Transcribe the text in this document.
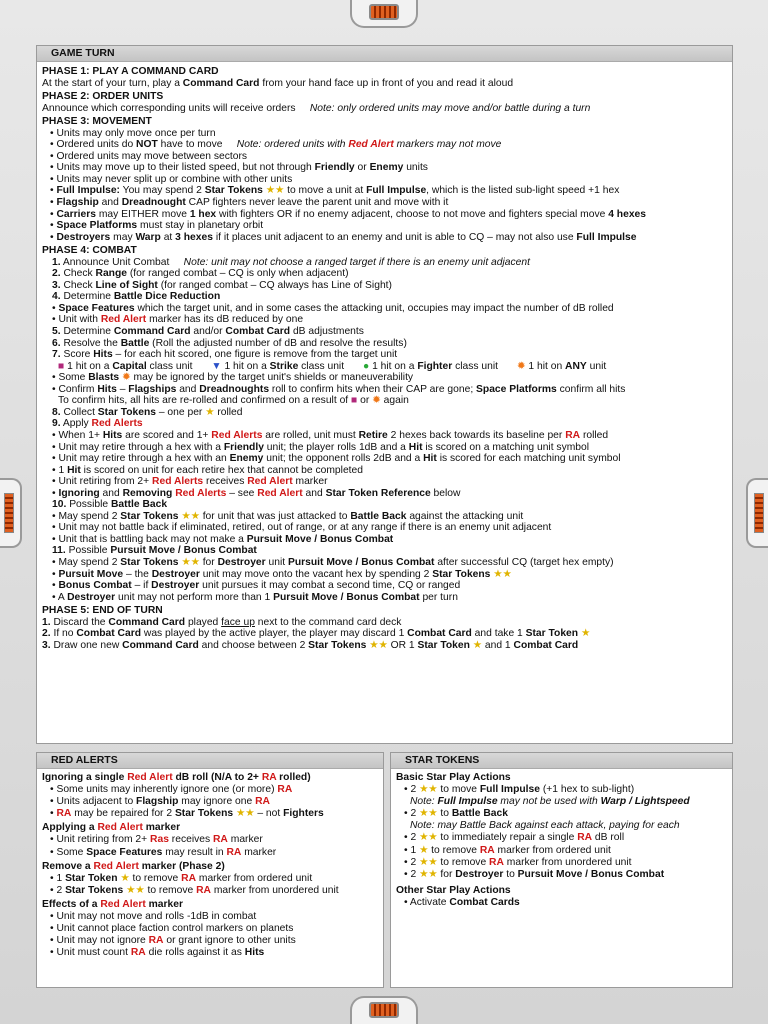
GAME TURN
PHASE 1: PLAY A COMMAND CARD
At the start of your turn, play a Command Card from your hand face up in front of you and read it aloud
PHASE 2: ORDER UNITS
Announce which corresponding units will receive orders Note: only ordered units may move and/or battle during a turn
PHASE 3: MOVEMENT
• Units may only move once per turn
• Ordered units do NOT have to move Note: ordered units with Red Alert markers may not move
• Ordered units may move between sectors
• Units may move up to their listed speed, but not through Friendly or Enemy units
• Units may never split up or combine with other units
• Full Impulse: You may spend 2 Star Tokens ★★ to move a unit at Full Impulse, which is the listed sub-light speed +1 hex
• Flagship and Dreadnought CAP fighters never leave the parent unit and move with it
• Carriers may EITHER move 1 hex with fighters OR if no enemy adjacent, choose to not move and fighters special move 4 hexes
• Space Platforms must stay in planetary orbit
• Destroyers may Warp at 3 hexes if it places unit adjacent to an enemy and unit is able to CQ – may not also use Full Impulse
PHASE 4: COMBAT
1. Announce Unit Combat Note: unit may not choose a ranged target if there is an enemy unit adjacent
2. Check Range (for ranged combat – CQ is only when adjacent)
3. Check Line of Sight (for ranged combat – CQ always has Line of Sight)
4. Determine Battle Dice Reduction
• Space Features which the target unit, and in some cases the attacking unit, occupies may impact the number of dB rolled
• Unit with Red Alert marker has its dB reduced by one
5. Determine Command Card and/or Combat Card dB adjustments
6. Resolve the Battle (Roll the adjusted number of dB and resolve the results)
7. Score Hits – for each hit scored, one figure is remove from the target unit
■ 1 hit on a Capital class unit ▼ 1 hit on a Strike class unit ● 1 hit on a Fighter class unit ✹ 1 hit on ANY unit
• Some Blasts ✹ may be ignored by the target unit's shields or maneuverability
• Confirm Hits – Flagships and Dreadnoughts roll to confirm hits when their CAP are gone; Space Platforms confirm all hits
To confirm hits, all hits are re-rolled and confirmed on a result of ■ or ✹ again
8. Collect Star Tokens – one per ★ rolled
9. Apply Red Alerts
• When 1+ Hits are scored and 1+ Red Alerts are rolled, unit must Retire 2 hexes back towards its baseline per RA rolled
• Unit may retire through a hex with a Friendly unit; the player rolls 1dB and a Hit is scored on a matching unit symbol
• Unit may retire through a hex with an Enemy unit; the opponent rolls 2dB and a Hit is scored for each matching unit symbol
• 1 Hit is scored on unit for each retire hex that cannot be completed
• Unit retiring from 2+ Red Alerts receives Red Alert marker
• Ignoring and Removing Red Alerts – see Red Alert and Star Token Reference below
10. Possible Battle Back
• May spend 2 Star Tokens ★★ for unit that was just attacked to Battle Back against the attacking unit
• Unit may not battle back if eliminated, retired, out of range, or at any range if there is an enemy unit adjacent
• Unit that is battling back may not make a Pursuit Move / Bonus Combat
11. Possible Pursuit Move / Bonus Combat
• May spend 2 Star Tokens ★★ for Destroyer unit Pursuit Move / Bonus Combat after successful CQ (target hex empty)
• Pursuit Move – the Destroyer unit may move onto the vacant hex by spending 2 Star Tokens ★★
• Bonus Combat – if Destroyer unit pursues it may combat a second time, CQ or ranged
• A Destroyer unit may not perform more than 1 Pursuit Move / Bonus Combat per turn
PHASE 5: END OF TURN
1. Discard the Command Card played face up next to the command card deck
2. If no Combat Card was played by the active player, the player may discard 1 Combat Card and take 1 Star Token ★
3. Draw one new Command Card and choose between 2 Star Tokens ★★ OR 1 Star Token ★ and 1 Combat Card
RED ALERTS
Ignoring a single Red Alert dB roll (N/A to 2+ RA rolled)
• Some units may inherently ignore one (or more) RA
• Units adjacent to Flagship may ignore one RA
• RA may be repaired for 2 Star Tokens ★★ – not Fighters
Applying a Red Alert marker
• Unit retiring from 2+ Ras receives RA marker
• Some Space Features may result in RA marker
Remove a Red Alert marker (Phase 2)
• 1 Star Token ★ to remove RA marker from ordered unit
• 2 Star Tokens ★★ to remove RA marker from unordered unit
Effects of a Red Alert marker
• Unit may not move and rolls -1dB in combat
• Unit cannot place faction control markers on planets
• Unit may not ignore RA or grant ignore to other units
• Unit must count RA die rolls against it as Hits
STAR TOKENS
Basic Star Play Actions
• 2 ★★ to move Full Impulse (+1 hex to sub-light)
Note: Full Impulse may not be used with Warp / Lightspeed
• 2 ★★ to Battle Back
Note: may Battle Back against each attack, paying for each
• 2 ★★ to immediately repair a single RA dB roll
• 1 ★ to remove RA marker from ordered unit
• 2 ★★ to remove RA marker from unordered unit
• 2 ★★ for Destroyer to Pursuit Move / Bonus Combat
Other Star Play Actions
• Activate Combat Cards
